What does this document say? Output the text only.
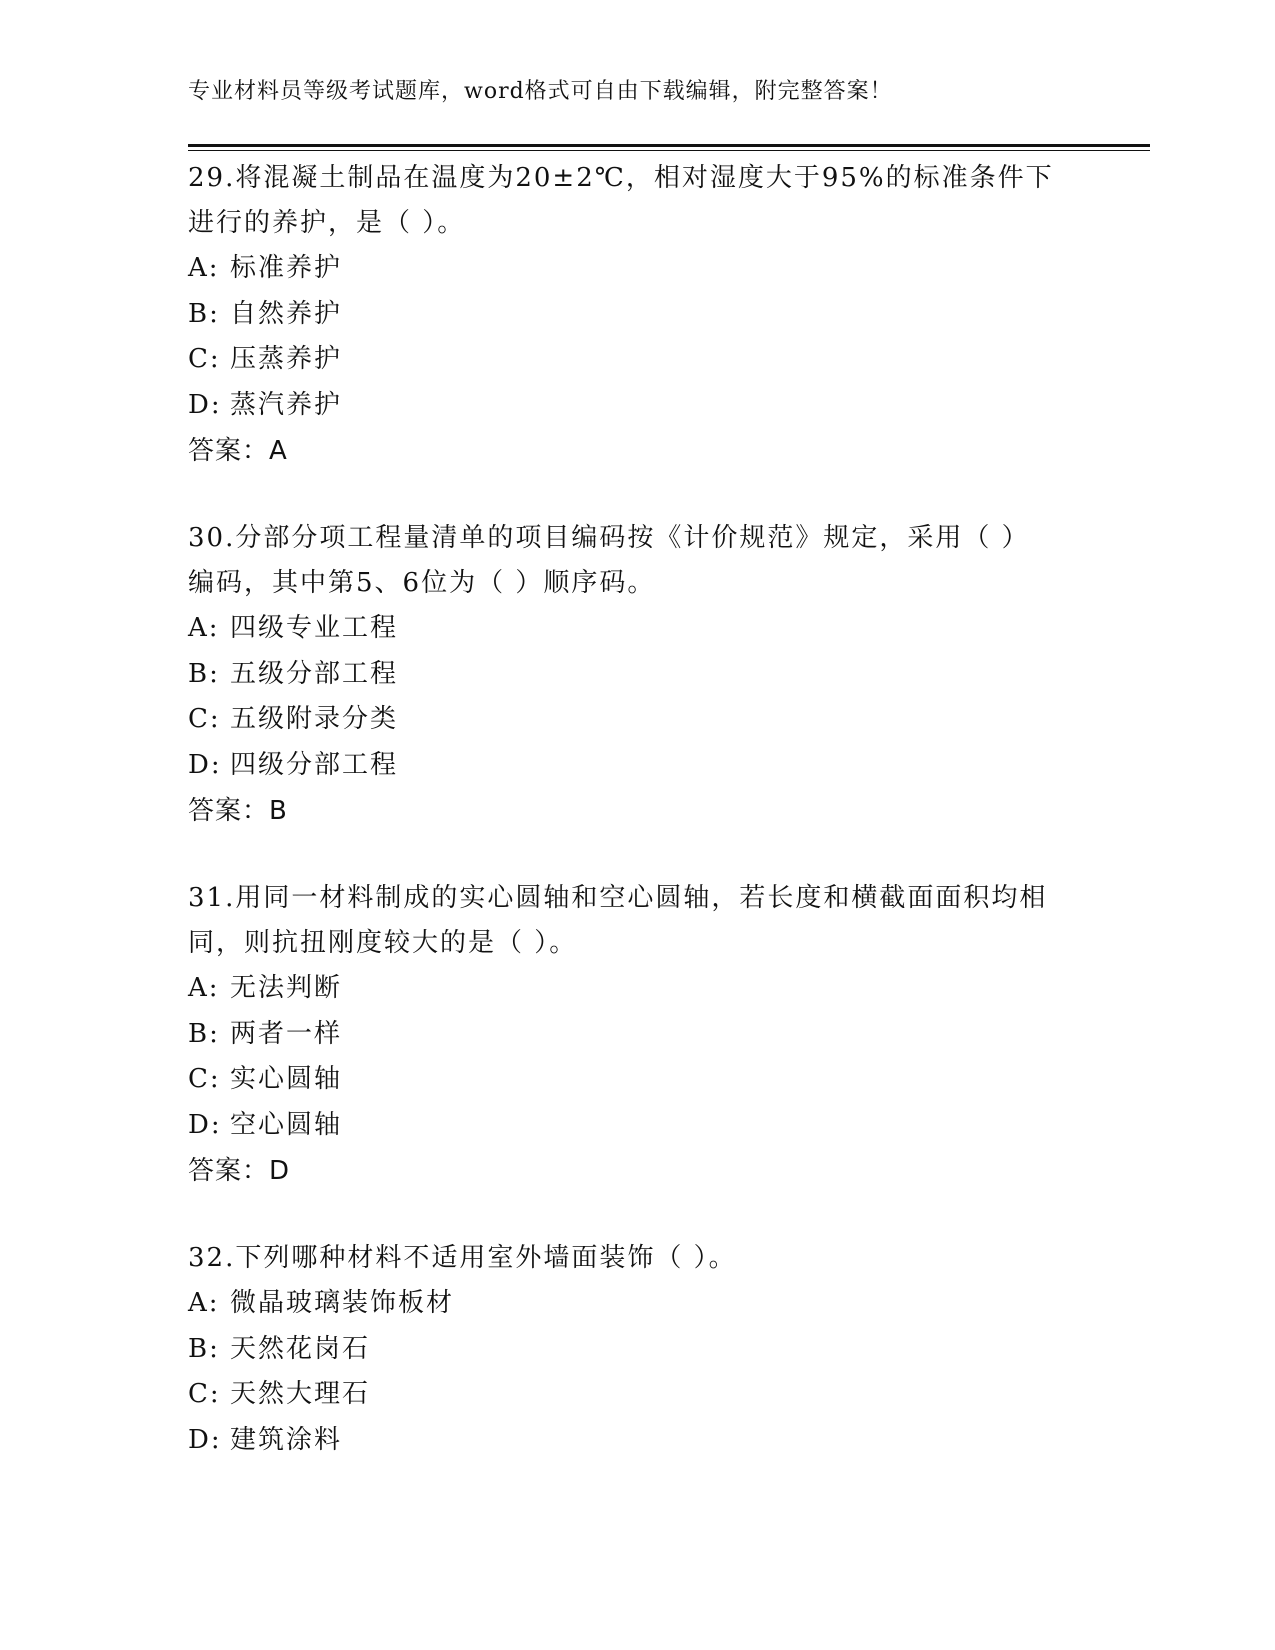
专业材料员等级考试题库，word格式可自由下载编辑，附完整答案！
29.将混凝土制品在温度为20±2℃，相对湿度大于95%的标准条件下
进行的养护，是（ ）。
A: 标准养护
B: 自然养护
C: 压蒸养护
D: 蒸汽养护
答案：A
30.分部分项工程量清单的项目编码按《计价规范》规定，采用（ ）
编码，其中第5、6位为（ ）顺序码。
A: 四级专业工程
B: 五级分部工程
C: 五级附录分类
D: 四级分部工程
答案：B
31.用同一材料制成的实心圆轴和空心圆轴，若长度和横截面面积均相
同，则抗扭刚度较大的是（ ）。
A: 无法判断
B: 两者一样
C: 实心圆轴
D: 空心圆轴
答案：D
32.下列哪种材料不适用室外墙面装饰（ ）。
A: 微晶玻璃装饰板材
B: 天然花岗石
C: 天然大理石
D: 建筑涂料
